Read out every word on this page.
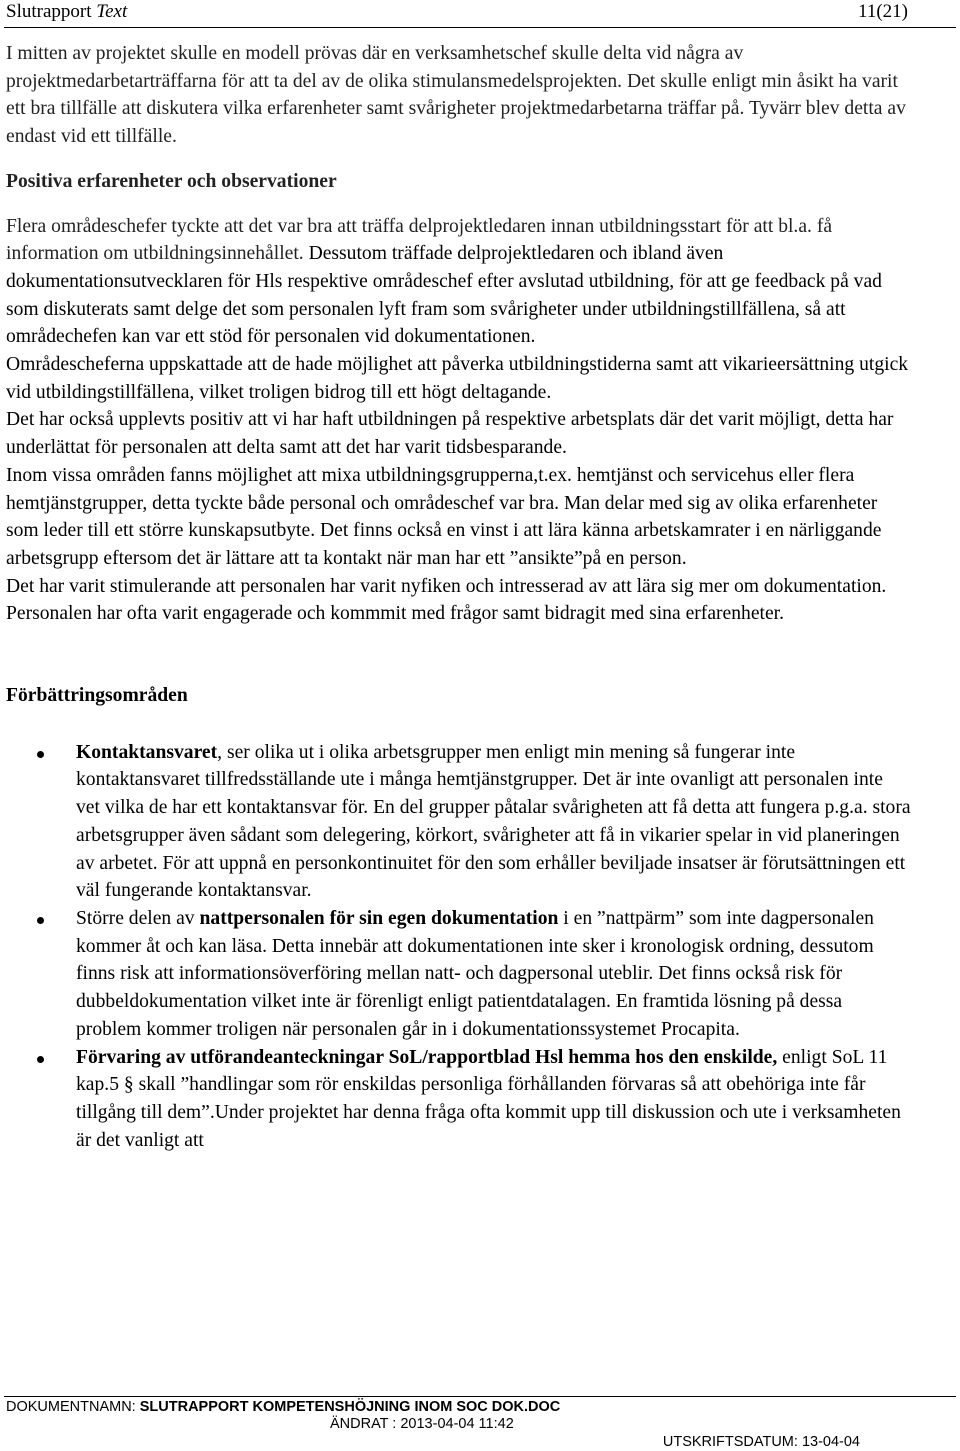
Slutrapport Text	11(21)

I mitten av projektet skulle en modell prövas där en verksamhetschef skulle delta vid några av projektmedarbetarträffarna för att ta del av de olika stimulansmedelsprojekten. Det skulle enligt min åsikt ha varit ett bra tillfälle att diskutera vilka erfarenheter samt svårigheter projektmedarbetarna träffar på. Tyvärr blev detta av endast vid ett tillfälle.

Positiva erfarenheter och observationer

Flera områdeschefer tyckte att det var bra att träffa delprojektledaren innan utbildningsstart för att bl.a. få information om utbildningsinnehållet. Dessutom träffade delprojektledaren och ibland även dokumentationsutvecklaren för Hls respektive områdeschef efter avslutad utbildning, för att ge feedback på vad som diskuterats samt delge det som personalen lyft fram som svårigheter under utbildningstillfällena, så att områdechefen kan var ett stöd för personalen vid dokumentationen.

Områdescheferna uppskattade att de hade möjlighet att påverka utbildningstiderna samt att vikarieersättning utgick vid utbildingstillfällena, vilket troligen bidrog till ett högt deltagande.

Det har också upplevts positiv att vi har haft utbildningen på respektive arbetsplats där det varit möjligt, detta har underlättat för personalen att delta samt att det har varit tidsbesparande.

Inom vissa områden fanns möjlighet att mixa utbildningsgrupperna,t.ex. hemtjänst och servicehus eller flera hemtjänstgrupper, detta tyckte både personal och områdeschef var bra. Man delar med sig av olika erfarenheter som leder till ett större kunskapsutbyte. Det finns också en vinst i att lära känna arbetskamrater i en närliggande arbetsgrupp eftersom det är lättare att ta kontakt när man har ett ”ansikte”på en person.

Det har varit stimulerande att personalen har varit nyfiken och intresserad av att lära sig mer om dokumentation. Personalen har ofta varit engagerade och kommmit med frågor samt bidragit med sina erfarenheter.

Förbättringsområden

Kontaktansvaret, ser olika ut i olika arbetsgrupper men enligt min mening så fungerar inte kontaktansvaret tillfredsställande ute i många hemtjänstgrupper. Det är inte ovanligt att personalen inte vet vilka de har ett kontaktansvar för. En del grupper påtalar svårigheten att få detta att fungera p.g.a. stora arbetsgrupper även sådant som delegering, körkort, svårigheter att få in vikarier spelar in vid planeringen av arbetet. För att uppnå en personkontinuitet för den som erhåller beviljade insatser är förutsättningen ett väl fungerande kontaktansvar.
Större delen av nattpersonalen för sin egen dokumentation i en ”nattpärm” som inte dagpersonalen kommer åt och kan läsa. Detta innebär att dokumentationen inte sker i kronologisk ordning, dessutom finns risk att informationsöverföring mellan natt- och dagpersonal uteblir. Det finns också risk för dubbeldokumentation vilket inte är förenligt enligt patientdatalagen. En framtida lösning på dessa problem kommer troligen när personalen går in i dokumentationssystemet Procapita.
Förvaring av utförandeanteckningar SoL/rapportblad Hsl hemma hos den enskilde, enligt SoL 11 kap.5 § skall ”handlingar som rör enskildas personliga förhållanden förvaras så att obehöriga inte får tillgång till dem”.Under projektet har denna fråga ofta kommit upp till diskussion och ute i verksamheten är det vanligt att
DOKUMENTNAMN: SLUTRAPPORT KOMPETENSHÖJNING INOM SOC DOK.DOC
ÄNDRAT : 2013-04-04 11:42
UTSKRIFTSDATUM: 13-04-04
